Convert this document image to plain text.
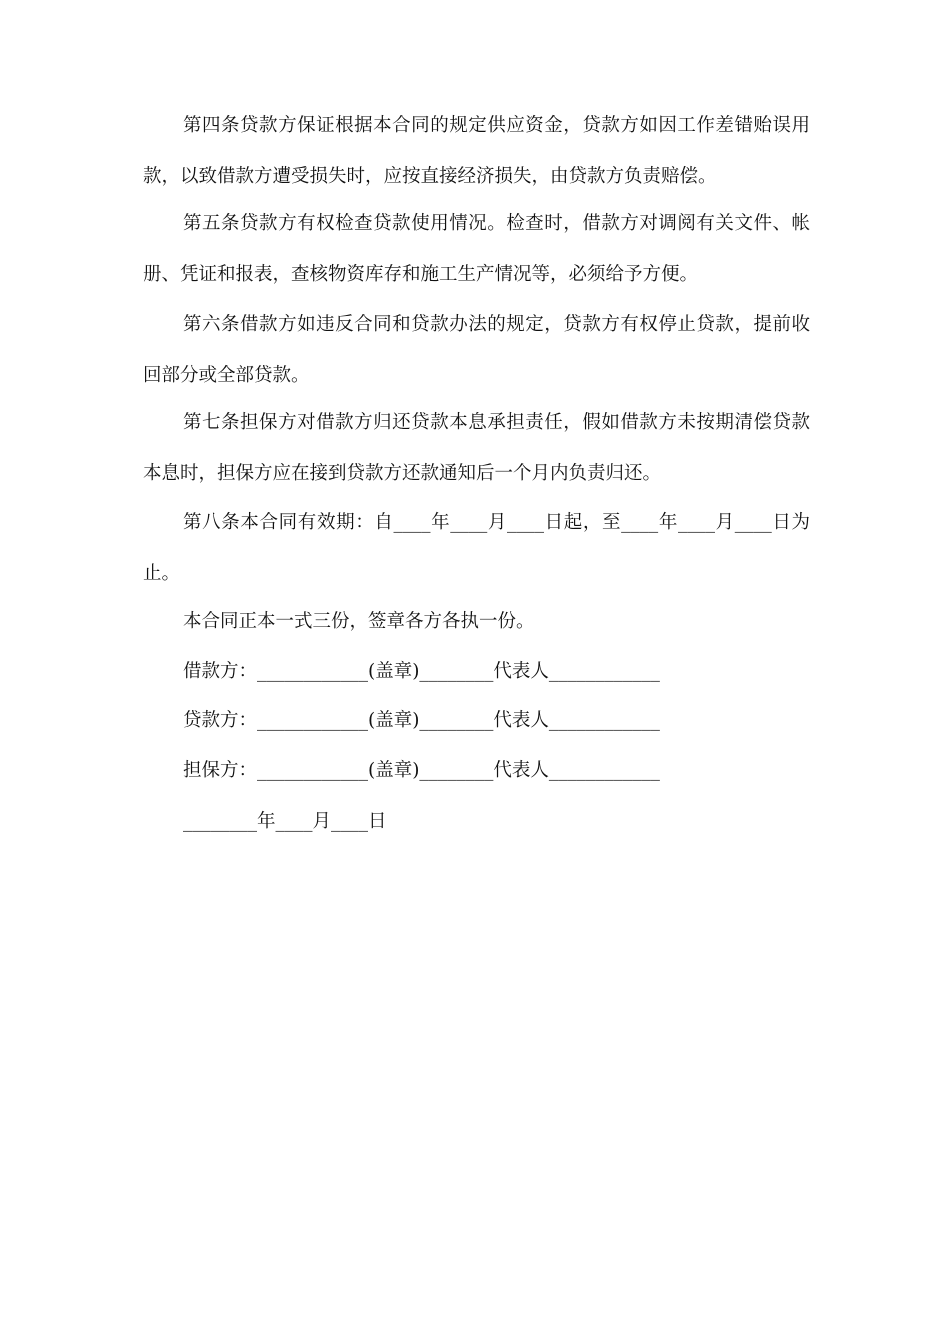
第四条贷款方保证根据本合同的规定供应资金，贷款方如因工作差错贻误用款，以致借款方遭受损失时，应按直接经济损失，由贷款方负责赔偿。

第五条贷款方有权检查贷款使用情况。检查时，借款方对调阅有关文件、帐册、凭证和报表，查核物资库存和施工生产情况等，必须给予方便。

第六条借款方如违反合同和贷款办法的规定，贷款方有权停止贷款，提前收回部分或全部贷款。

第七条担保方对借款方归还贷款本息承担责任，假如借款方未按期清偿贷款本息时，担保方应在接到贷款方还款通知后一个月内负责归还。

第八条本合同有效期：自____年____月____日起，至____年____月____日为止。

本合同正本一式三份，签章各方各执一份。

借款方：____________(盖章)________代表人____________

贷款方：____________(盖章)________代表人____________

担保方：____________(盖章)________代表人____________

________年____月____日
